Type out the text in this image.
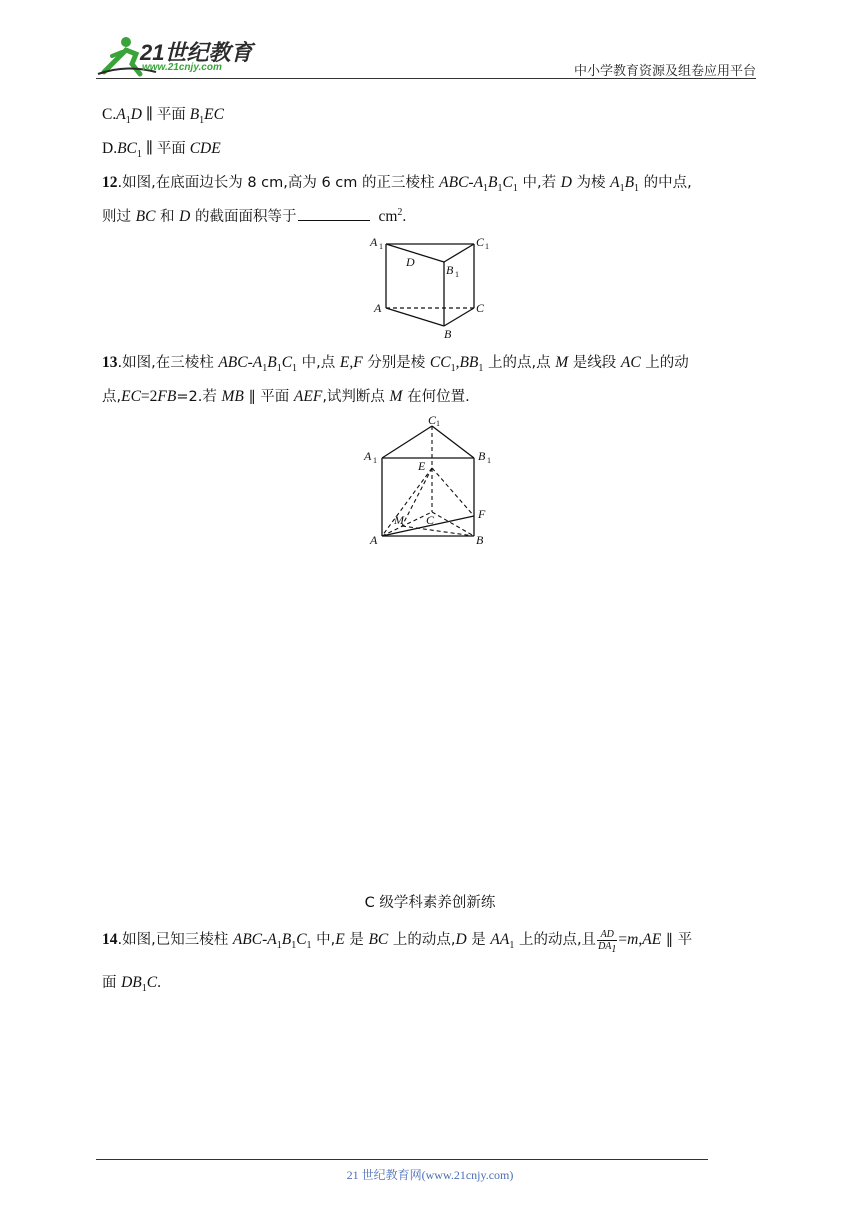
21世纪教育
www.21cnjy.com	中小学教育资源及组卷应用平台
$C.A_1D$ ∥ 平面 $B_1EC$
$D.BC_1$ ∥ 平面 CDE
12.如图,在底面边长为 8 cm,高为 6 cm 的正三棱柱 ABC-$A_1B_1C_1$ 中,若 D 为棱 $A_1B_1$ 的中点,
则过 BC 和 D 的截面面积等于	$cm^2$.
A 1	C 1
D
B 1
A	C
B
13.如图,在三棱柱 ABC-$A_1B_1C_1$ 中,点 E,F 分别是棱 $CC_1,BB_1$ 上的点,点 M 是线段 AC 上的动
点,EC=2FB=2.若 MB ∥ 平面 AEF,试判断点 M 在何位置.
C 1
A 1	B 1
E
F
M C
A	B
C 级学科素养创新练
14.如图,已知三棱柱 ABC-$A_1B_1C_1$ 中,E 是 BC 上的动点,D 是 $AA_1$ 上的动点,且 $\frac{AD}{DA_1} =m,AE$ ∥ 平
面 $DB_1C$.
21 世纪教育网(www.21cnjy.com)
